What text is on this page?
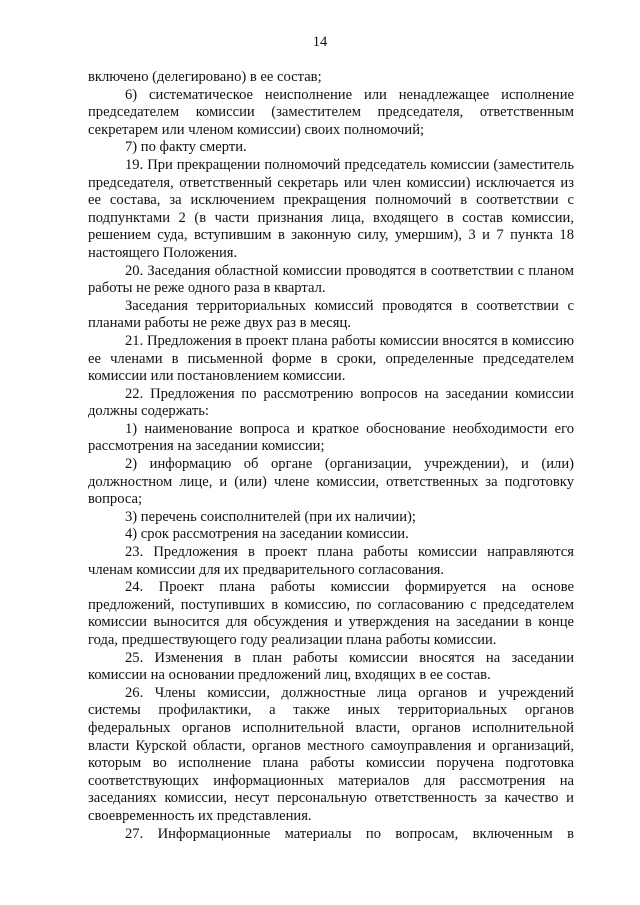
14

включено (делегировано) в ее состав;

6) систематическое неисполнение или ненадлежащее исполнение председателем комиссии (заместителем председателя, ответственным секретарем или членом комиссии) своих полномочий;

7) по факту смерти.

19. При прекращении полномочий председатель комиссии (заместитель председателя, ответственный секретарь или член комиссии) исключается из ее состава, за исключением прекращения полномочий в соответствии с подпунктами 2 (в части признания лица, входящего в состав комиссии, решением суда, вступившим в законную силу, умершим), 3 и 7 пункта 18 настоящего Положения.

20. Заседания областной комиссии проводятся в соответствии с планом работы не реже одного раза в квартал.

Заседания территориальных комиссий проводятся в соответствии с планами работы не реже двух раз в месяц.

21. Предложения в проект плана работы комиссии вносятся в комиссию ее членами в письменной форме в сроки, определенные председателем комиссии или постановлением комиссии.

22. Предложения по рассмотрению вопросов на заседании комиссии должны содержать:

1) наименование вопроса и краткое обоснование необходимости его рассмотрения на заседании комиссии;

2) информацию об органе (организации, учреждении), и (или) должностном лице, и (или) члене комиссии, ответственных за подготовку вопроса;

3) перечень соисполнителей (при их наличии);

4) срок рассмотрения на заседании комиссии.

23. Предложения в проект плана работы комиссии направляются членам комиссии для их предварительного согласования.

24. Проект плана работы комиссии формируется на основе предложений, поступивших в комиссию, по согласованию с председателем комиссии выносится для обсуждения и утверждения на заседании в конце года, предшествующего году реализации плана работы комиссии.

25. Изменения в план работы комиссии вносятся на заседании комиссии на основании предложений лиц, входящих в ее состав.

26. Члены комиссии, должностные лица органов и учреждений системы профилактики, а также иных территориальных органов федеральных органов исполнительной власти, органов исполнительной власти Курской области, органов местного самоуправления и организаций, которым во исполнение плана работы комиссии поручена подготовка соответствующих информационных материалов для рассмотрения на заседаниях комиссии, несут персональную ответственность за качество и своевременность их представления.

27. Информационные материалы по вопросам, включенным в
